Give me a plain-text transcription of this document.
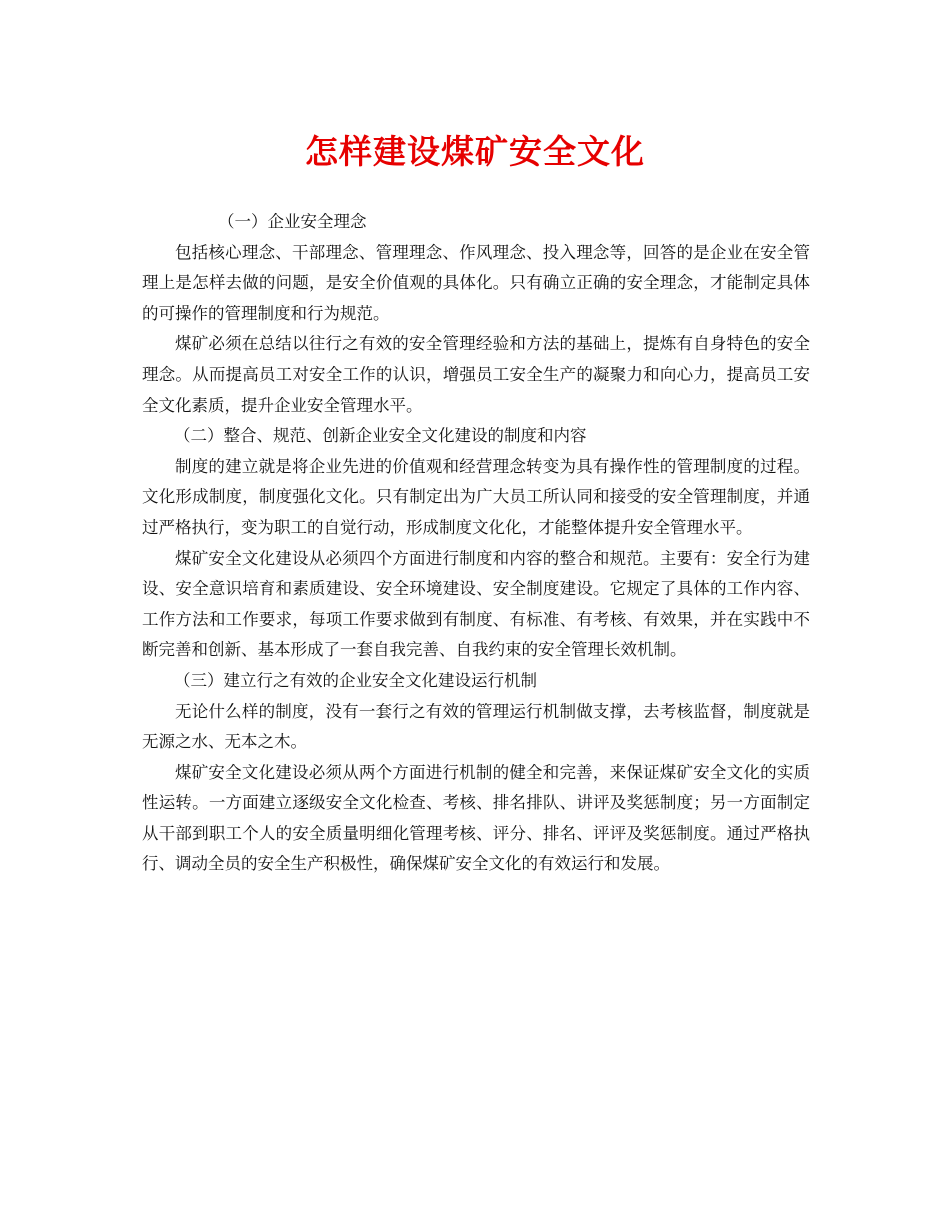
怎样建设煤矿安全文化

（一）企业安全理念

包括核心理念、干部理念、管理理念、作风理念、投入理念等，回答的是企业在安全管理上是怎样去做的问题，是安全价值观的具体化。只有确立正确的安全理念，才能制定具体的可操作的管理制度和行为规范。

煤矿必须在总结以往行之有效的安全管理经验和方法的基础上，提炼有自身特色的安全理念。从而提高员工对安全工作的认识，增强员工安全生产的凝聚力和向心力，提高员工安全文化素质，提升企业安全管理水平。

（二）整合、规范、创新企业安全文化建设的制度和内容

制度的建立就是将企业先进的价值观和经营理念转变为具有操作性的管理制度的过程。文化形成制度，制度强化文化。只有制定出为广大员工所认同和接受的安全管理制度，并通过严格执行，变为职工的自觉行动，形成制度文化化，才能整体提升安全管理水平。

煤矿安全文化建设从必须四个方面进行制度和内容的整合和规范。主要有：安全行为建设、安全意识培育和素质建设、安全环境建设、安全制度建设。它规定了具体的工作内容、工作方法和工作要求，每项工作要求做到有制度、有标准、有考核、有效果，并在实践中不断完善和创新、基本形成了一套自我完善、自我约束的安全管理长效机制。

（三）建立行之有效的企业安全文化建设运行机制

无论什么样的制度，没有一套行之有效的管理运行机制做支撑，去考核监督，制度就是无源之水、无本之木。

煤矿安全文化建设必须从两个方面进行机制的健全和完善，来保证煤矿安全文化的实质性运转。一方面建立逐级安全文化检查、考核、排名排队、讲评及奖惩制度；另一方面制定从干部到职工个人的安全质量明细化管理考核、评分、排名、评评及奖惩制度。通过严格执行、调动全员的安全生产积极性，确保煤矿安全文化的有效运行和发展。
